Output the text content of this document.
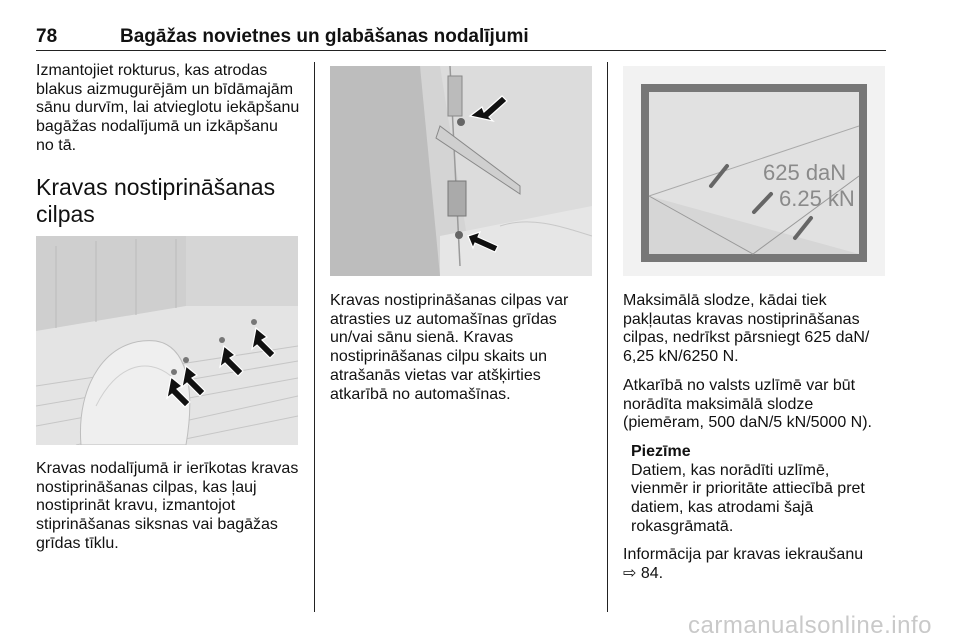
78	Bagāžas novietnes un glabāšanas nodalījumi

Izmantojiet rokturus, kas atrodas blakus aizmugurējām un bīdāmajām sānu durvīm, lai atvieglotu iekāpšanu bagāžas nodalījumā un izkāpšanu no tā.

Kravas nostiprināšanas
cilpas
Kravas nodalījumā ir ierīkotas kravas nostiprināšanas cilpas, kas ļauj nostiprināt kravu, izmantojot stiprināšanas siksnas vai bagāžas grīdas tīklu.
Kravas nostiprināšanas cilpas var atrasties uz automašīnas grīdas un/vai sānu sienā. Kravas nostiprināšanas cilpu skaits un atrašanās vietas var atšķirties atkarībā no automašīnas.
625 daN
6.25 kN

Maksimālā slodze, kādai tiek pakļautas kravas nostiprināšanas cilpas, nedrīkst pārsniegt 625 daN/ 6,25 kN/6250 N.

Atkarībā no valsts uzlīmē var būt norādīta maksimālā slodze (piemēram, 500 daN/5 kN/5000 N).

Piezīme
Datiem, kas norādīti uzlīmē, vienmēr ir prioritāte attiecībā pret datiem, kas atrodami šajā rokasgrāmatā.

Informācija par kravas iekraušanu
⇨ 84.

carmanualsonline.info
